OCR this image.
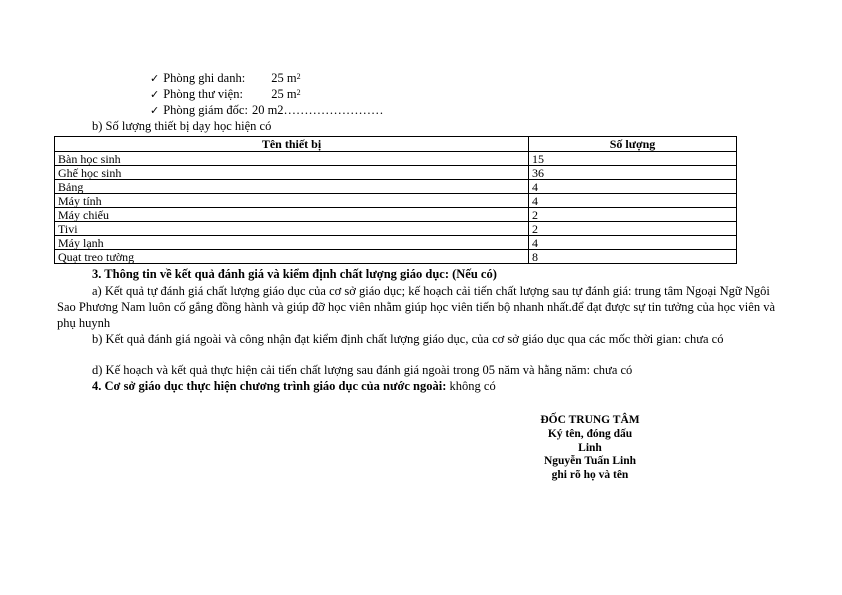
✓ Phòng ghi danh: 25 $m^2$
✓ Phòng thư viện: 25 $m^2$
✓ Phòng giám đốc: 20 m2……………………
b) Số lượng thiết bị dạy học hiện có
Tên thiết bị	Số lượng
Bàn học sinh	15
Ghế học sinh	36
Bảng	4
Máy tính	4
Máy chiếu	2
Tivi	2
Máy lạnh	4
Quạt treo tường	8
3. Thông tin về kết quả đánh giá và kiểm định chất lượng giáo dục: (Nếu có)
a) Kết quả tự đánh giá chất lượng giáo dục của cơ sở giáo dục; kế hoạch cải tiến chất lượng sau tự đánh giá: trung tâm Ngoại Ngữ Ngôi Sao Phương Nam luôn cố gắng đồng hành và giúp đỡ học viên nhằm giúp học viên tiến bộ nhanh nhất.để đạt được sự tin tưởng của học viên và phụ huynh
b) Kết quả đánh giá ngoài và công nhận đạt kiểm định chất lượng giáo dục, của cơ sở giáo dục qua các mốc thời gian: chưa có
d) Kế hoạch và kết quả thực hiện cải tiến chất lượng sau đánh giá ngoài trong 05 năm và hằng năm: chưa có
4. Cơ sở giáo dục thực hiện chương trình giáo dục của nước ngoài: không có
ĐỐC TRUNG TÂM
Ký tên, đóng dấu
Linh
Nguyễn Tuấn Linh
ghi rõ họ và tên
